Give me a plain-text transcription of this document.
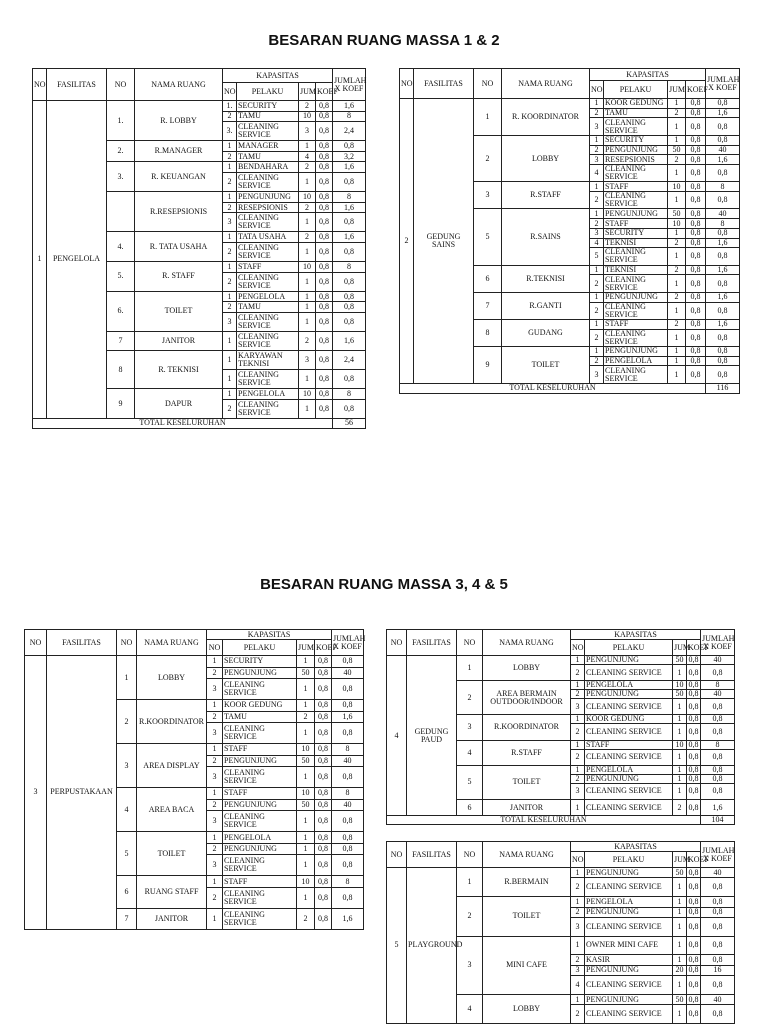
BESARAN RUANG MASSA 1 & 2
BESARAN RUANG MASSA 3, 4 & 5
NO	FASILITAS	NO	NAMA RUANG	KAPASITAS				JUMLAH X KOEF
				NO	PELAKU	JUM	KOEF	
1	PENGELOLA	1.	R. LOBBY	1.	SECURITY	2	0,8	1,6
				2	TAMU	10	0,8	8
				3.	CLEANING SERVICE	3	0,8	2,4
		2.	R.MANAGER	1	MANAGER	1	0,8	0,8
				2	TAMU	4	0,8	3,2
		3.	R. KEUANGAN	1	BENDAHARA	2	0,8	1,6
				2	CLEANING SERVICE	1	0,8	0,8
			R.RESEPSIONIS	1	PENGUNJUNG	10	0,8	8
				2	RESEPSIONIS	2	0,8	1,6
				3	CLEANING SERVICE	1	0,8	0,8
		4.	R. TATA USAHA	1	TATA USAHA	2	0,8	1,6
				2	CLEANING SERVICE	1	0,8	0,8
		5.	R. STAFF	1	STAFF	10	0,8	8
				2	CLEANING SERVICE	1	0,8	0,8
		6.	TOILET	1	PENGELOLA	1	0,8	0,8
				2	TAMU	1	0,8	0,8
				3	CLEANING SERVICE	1	0,8	0,8
		7	JANITOR	1	CLEANING SERVICE	2	0,8	1,6
		8	R. TEKNISI	1	KARYAWAN TEKNISI	3	0,8	2,4
				1	CLEANING SERVICE	1	0,8	0,8
		9	DAPUR	1	PENGELOLA	10	0,8	8
				2	CLEANING SERVICE	1	0,8	0,8
TOTAL KESELURUHAN								56
NO	FASILITAS	NO	NAMA RUANG	KAPASITAS				JUMLAH X KOEF
				NO	PELAKU	JUM	KOEF	
2	GEDUNG SAINS	1	R. KOORDINATOR	1	KOOR GEDUNG	1	0,8	0,8
				2	TAMU	2	0,8	1,6
				3	CLEANING SERVICE	1	0,8	0,8
		2	LOBBY	1	SECURITY	1	0,8	0,8
				2	PENGUNJUNG	50	0,8	40
				3	RESEPSIONIS	2	0,8	1,6
				4	CLEANING SERVICE	1	0,8	0,8
		3	R.STAFF	1	STAFF	10	0,8	8
				2	CLEANING SERVICE	1	0,8	0,8
		5	R.SAINS	1	PENGUNJUNG	50	0,8	40
				2	STAFF	10	0,8	8
				3	SECURITY	1	0,8	0,8
				4	TEKNISI	2	0,8	1,6
				5	CLEANING SERVICE	1	0,8	0,8
		6	R.TEKNISI	1	TEKNISI	2	0,8	1,6
				2	CLEANING SERVICE	1	0,8	0,8
		7	R.GANTI	1	PENGUNJUNG	2	0,8	1,6
				2	CLEANING SERVICE	1	0,8	0,8
		8	GUDANG	1	STAFF	2	0,8	1,6
				2	CLEANING SERVICE	1	0,8	0,8
		9	TOILET	1	PENGUNJUNG	1	0,8	0,8
				2	PENGELOLA	1	0,8	0,8
				3	CLEANING SERVICE	1	0,8	0,8
TOTAL KESELURUHAN								116
NO	FASILITAS	NO	NAMA RUANG	KAPASITAS				JUMLAH X KOEF
				NO	PELAKU	JUM	KOEF	
3	PERPUSTAKAAN	1	LOBBY	1	SECURITY	1	0,8	0,8
				2	PENGUNJUNG	50	0,8	40
				3	CLEANING SERVICE	1	0,8	0,8
		2	R.KOORDINATOR	1	KOOR GEDUNG	1	0,8	0,8
				2	TAMU	2	0,8	1,6
				3	CLEANING SERVICE	1	0,8	0,8
		3	AREA DISPLAY	1	STAFF	10	0,8	8
				2	PENGUNJUNG	50	0,8	40
				3	CLEANING SERVICE	1	0,8	0,8
		4	AREA BACA	1	STAFF	10	0,8	8
				2	PENGUNJUNG	50	0,8	40
				3	CLEANING SERVICE	1	0,8	0,8
		5	TOILET	1	PENGELOLA	1	0,8	0,8
				2	PENGUNJUNG	1	0,8	0,8
				3	CLEANING SERVICE	1	0,8	0,8
		6	RUANG STAFF	1	STAFF	10	0,8	8
				2	CLEANING SERVICE	1	0,8	0,8
		7	JANITOR	1	CLEANING SERVICE	2	0,8	1,6
NO	FASILITAS	NO	NAMA RUANG	KAPASITAS				JUMLAH X KOEF
				NO	PELAKU	JUM	KOEF	
4	GEDUNG PAUD	1	LOBBY	1	PENGUNJUNG	50	0,8	40
				2	CLEANING SERVICE	1	0,8	0,8
		2	AREA BERMAIN OUTDOOR/INDOOR	1	PENGELOLA	10	0,8	8
				2	PENGUNJUNG	50	0,8	40
				3	CLEANING SERVICE	1	0,8	0,8
		3	R.KOORDINATOR	1	KOOR GEDUNG	1	0,8	0,8
				2	CLEANING SERVICE	1	0,8	0,8
		4	R.STAFF	1	STAFF	10	0,8	8
				2	CLEANING SERVICE	1	0,8	0,8
		5	TOILET	1	PENGELOLA	1	0,8	0,8
				2	PENGUNJUNG	1	0,8	0,8
				3	CLEANING SERVICE	1	0,8	0,8
		6	JANITOR	1	CLEANING SERVICE	2	0,8	1,6
TOTAL KESELURUHAN								104
NO	FASILITAS	NO	NAMA RUANG	KAPASITAS				JUMLAH X KOEF
				NO	PELAKU	JUM	KOEF	
5	PLAYGROUND	1	R.BERMAIN	1	PENGUNJUNG	50	0,8	40
				2	CLEANING SERVICE	1	0,8	0,8
		2	TOILET	1	PENGELOLA	1	0,8	0,8
				2	PENGUNJUNG	1	0,8	0,8
				3	CLEANING SERVICE	1	0,8	0,8
		3	MINI CAFE	1	OWNER MINI CAFE	1	0,8	0,8
				2	KASIR	1	0,8	0,8
				3	PENGUNJUNG	20	0,8	16
				4	CLEANING SERVICE	1	0,8	0,8
		4	LOBBY	1	PENGUNJUNG	50	0,8	40
				2	CLEANING SERVICE	1	0,8	0,8
